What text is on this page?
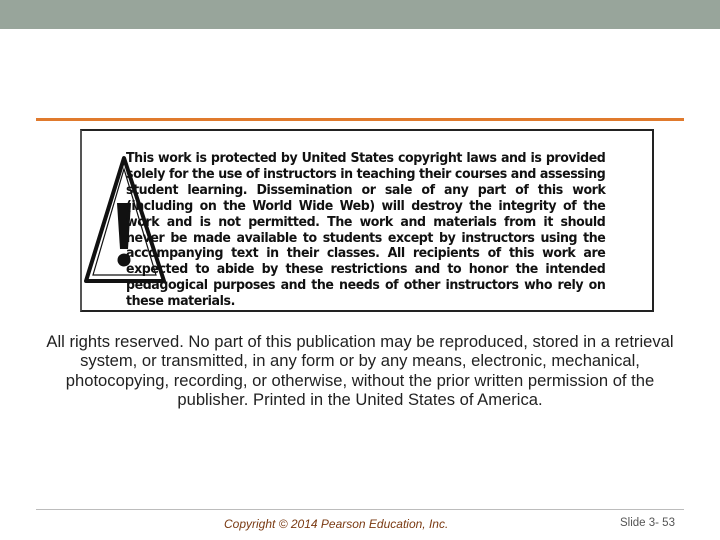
This work is protected by United States copyright laws and is provided solely for the use of instructors in teaching their courses and assessing student learning. Dissemination or sale of any part of this work (including on the World Wide Web) will destroy the integrity of the work and is not permitted. The work and materials from it should never be made available to students except by instructors using the accompanying text in their classes. All recipients of this work are expected to abide by these restrictions and to honor the intended pedagogical purposes and the needs of other instructors who rely on these materials.

All rights reserved. No part of this publication may be reproduced, stored in a retrieval system, or transmitted, in any form or by any means, electronic, mechanical, photocopying, recording, or otherwise, without the prior written permission of the publisher. Printed in the United States of America.

Copyright © 2014 Pearson Education, Inc.	Slide 3- 53
